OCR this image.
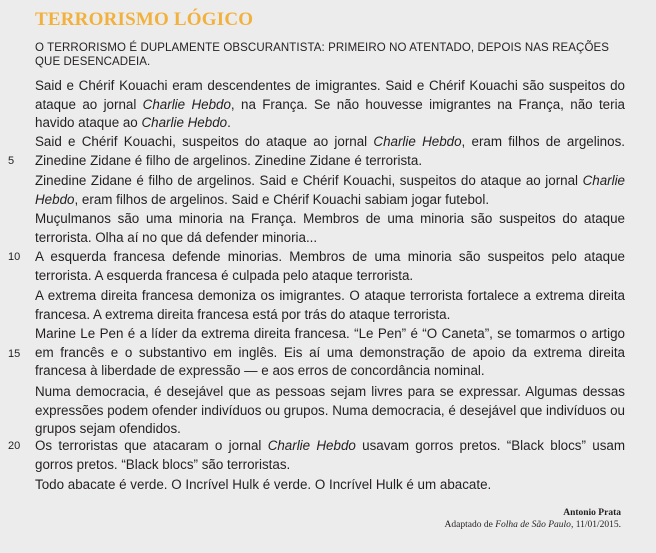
TERRORISMO LÓGICO
O TERRORISMO É DUPLAMENTE OBSCURANTISTA: PRIMEIRO NO ATENTADO, DEPOIS NAS REAÇÕES QUE DESENCADEIA.
Said e Chérif Kouachi eram descendentes de imigrantes. Said e Chérif Kouachi são suspeitos do ataque ao jornal Charlie Hebdo, na França. Se não houvesse imigrantes na França, não teria havido ataque ao Charlie Hebdo.
Said e Chérif Kouachi, suspeitos do ataque ao jornal Charlie Hebdo, eram filhos de argelinos. Zinedine Zidane é filho de argelinos. Zinedine Zidane é terrorista.
Zinedine Zidane é filho de argelinos. Said e Chérif Kouachi, suspeitos do ataque ao jornal Charlie Hebdo, eram filhos de argelinos. Said e Chérif Kouachi sabiam jogar futebol.
Muçulmanos são uma minoria na França. Membros de uma minoria são suspeitos do ataque terrorista. Olha aí no que dá defender minoria...
A esquerda francesa defende minorias. Membros de uma minoria são suspeitos pelo ataque terrorista. A esquerda francesa é culpada pelo ataque terrorista.
A extrema direita francesa demoniza os imigrantes. O ataque terrorista fortalece a extrema direita francesa. A extrema direita francesa está por trás do ataque terrorista.
Marine Le Pen é a líder da extrema direita francesa. “Le Pen” é “O Caneta”, se tomarmos o artigo em francês e o substantivo em inglês. Eis aí uma demonstração de apoio da extrema direita francesa à liberdade de expressão — e aos erros de concordância nominal.
Numa democracia, é desejável que as pessoas sejam livres para se expressar. Algumas dessas expressões podem ofender indivíduos ou grupos. Numa democracia, é desejável que indivíduos ou grupos sejam ofendidos.
Os terroristas que atacaram o jornal Charlie Hebdo usavam gorros pretos. “Black blocs” usam gorros pretos. “Black blocs” são terroristas.
Todo abacate é verde. O Incrível Hulk é verde. O Incrível Hulk é um abacate.
5
10
15
20
Antonio Prata
Adaptado de Folha de São Paulo, 11/01/2015.
